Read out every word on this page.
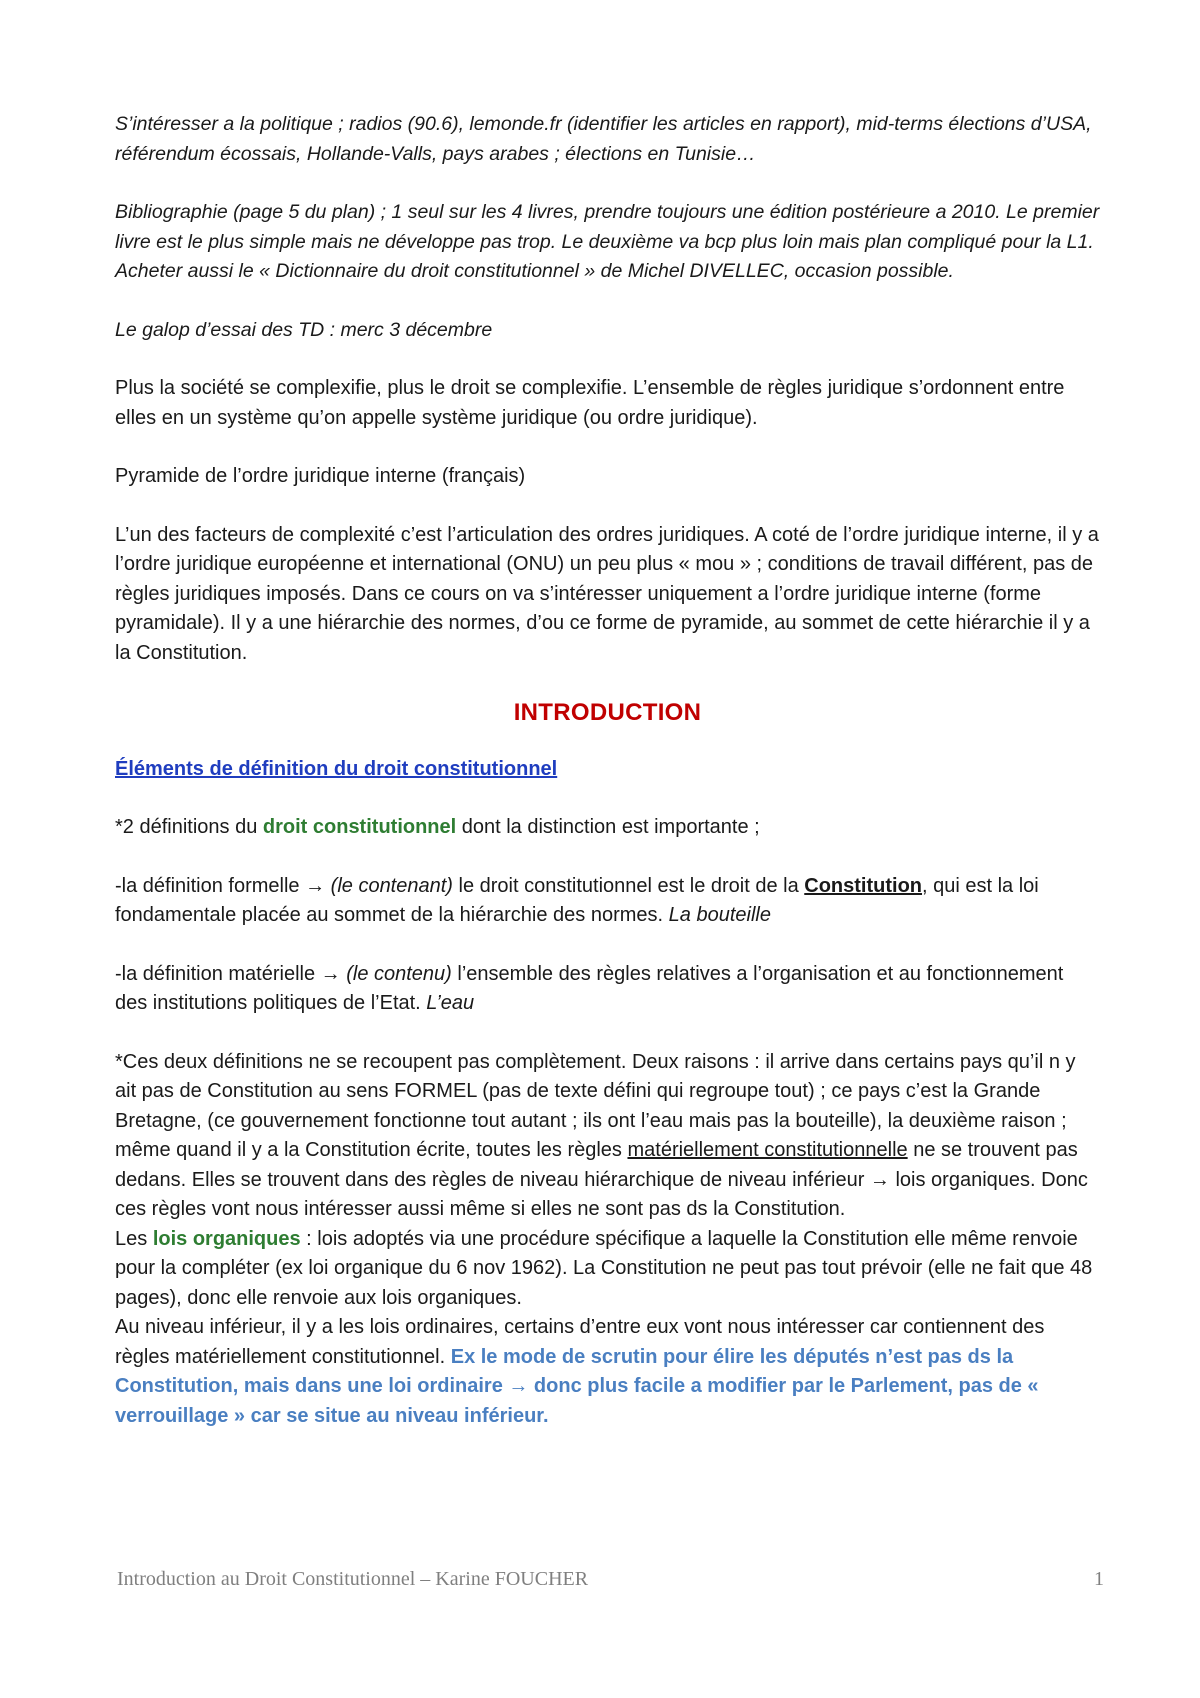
S’intéresser a la politique ; radios (90.6), lemonde.fr (identifier les articles en rapport), mid-terms élections d’USA, référendum écossais, Hollande-Valls, pays arabes ; élections en Tunisie…

Bibliographie (page 5 du plan) ; 1 seul sur les 4 livres, prendre toujours une édition postérieure a 2010. Le premier livre est le plus simple mais ne développe pas trop. Le deuxième va bcp plus loin mais plan compliqué pour la L1.

Acheter aussi le « Dictionnaire du droit constitutionnel » de Michel DIVELLEC, occasion possible.

Le galop d’essai des TD : merc 3 décembre

Plus la société se complexifie, plus le droit se complexifie. L’ensemble de règles juridique s’ordonnent entre elles en un système qu’on appelle système juridique (ou ordre juridique).

Pyramide de l’ordre juridique interne (français)

L’un des facteurs de complexité c’est l’articulation des ordres juridiques. A coté de l’ordre juridique interne, il y a l’ordre juridique européenne et international (ONU) un peu plus « mou » ; conditions de travail différent, pas de règles juridiques imposés. Dans ce cours on va s’intéresser uniquement a l’ordre juridique interne (forme pyramidale). Il y a une hiérarchie des normes, d’ou ce forme de pyramide, au sommet de cette hiérarchie il y a la Constitution.

INTRODUCTION

Éléments de définition du droit constitutionnel

*2 définitions du droit constitutionnel dont la distinction est importante ;

-la définition formelle → (le contenant) le droit constitutionnel est le droit de la Constitution, qui est la loi fondamentale placée au sommet de la hiérarchie des normes. La bouteille

-la définition matérielle → (le contenu) l’ensemble des règles relatives a l’organisation et au fonctionnement des institutions politiques de l’Etat. L’eau

*Ces deux définitions ne se recoupent pas complètement. Deux raisons : il arrive dans certains pays qu’il n y ait pas de Constitution au sens FORMEL (pas de texte défini qui regroupe tout) ; ce pays c’est la Grande Bretagne, (ce gouvernement fonctionne tout autant ; ils ont l’eau mais pas la bouteille), la deuxième raison ; même quand il y a la Constitution écrite, toutes les règles matériellement constitutionnelle ne se trouvent pas dedans. Elles se trouvent dans des règles de niveau hiérarchique de niveau inférieur → lois organiques. Donc ces règles vont nous intéresser aussi même si elles ne sont pas ds la Constitution.

Les lois organiques : lois adoptés via une procédure spécifique a laquelle la Constitution elle même renvoie pour la compléter (ex loi organique du 6 nov 1962). La Constitution ne peut pas tout prévoir (elle ne fait que 48 pages), donc elle renvoie aux lois organiques.

Au niveau inférieur, il y a les lois ordinaires, certains d’entre eux vont nous intéresser car contiennent des règles matériellement constitutionnel. Ex le mode de scrutin pour élire les députés n’est pas ds la Constitution, mais dans une loi ordinaire → donc plus facile a modifier par le Parlement, pas de « verrouillage » car se situe au niveau inférieur.

Introduction au Droit Constitutionnel – Karine FOUCHER	1
